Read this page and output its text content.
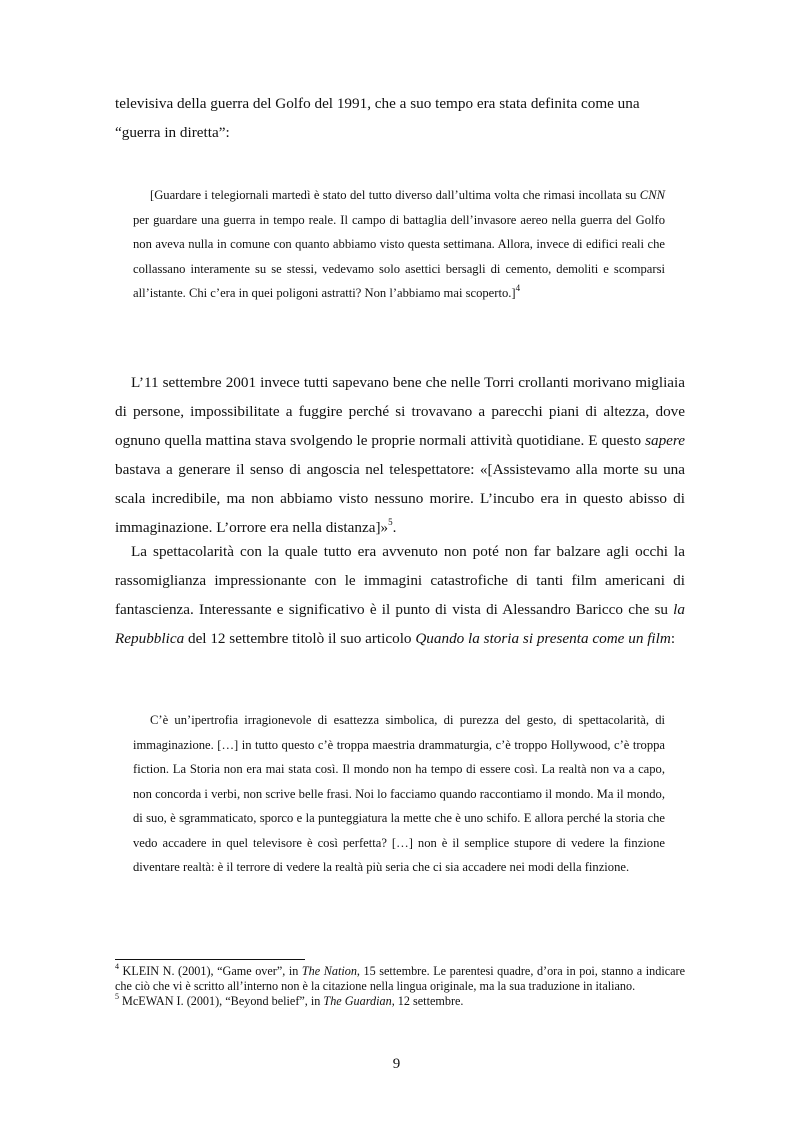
televisiva della guerra del Golfo del 1991, che a suo tempo era stata definita come una
“guerra in diretta”:

[Guardare i telegiornali martedì è stato del tutto diverso dall’ultima volta che rimasi incollata su CNN per guardare una guerra in tempo reale. Il campo di battaglia dell’invasore aereo nella guerra del Golfo non aveva nulla in comune con quanto abbiamo visto questa settimana. Allora, invece di edifici reali che collassano interamente su se stessi, vedevamo solo asettici bersagli di cemento, demoliti e scomparsi all’istante. Chi c’era in quei poligoni astratti? Non l’abbiamo mai scoperto.]$^4$

L’11 settembre 2001 invece tutti sapevano bene che nelle Torri crollanti morivano migliaia di persone, impossibilitate a fuggire perché si trovavano a parecchi piani di altezza, dove ognuno quella mattina stava svolgendo le proprie normali attività quotidiane. E questo sapere bastava a generare il senso di angoscia nel telespettatore: «[Assistevamo alla morte su una scala incredibile, ma non abbiamo visto nessuno morire. L’incubo era in questo abisso di immaginazione. L’orrore era nella distanza]»$^5$.

La spettacolarità con la quale tutto era avvenuto non poté non far balzare agli occhi la rassomiglianza impressionante con le immagini catastrofiche di tanti film americani di fantascienza. Interessante e significativo è il punto di vista di Alessandro Baricco che su la Repubblica del 12 settembre titolò il suo articolo Quando la storia si presenta come un film:

C’è un’ipertrofia irragionevole di esattezza simbolica, di purezza del gesto, di spettacolarità, di immaginazione. […] in tutto questo c’è troppa maestria drammaturgia, c’è troppo Hollywood, c’è troppa fiction. La Storia non era mai stata così. Il mondo non ha tempo di essere così. La realtà non va a capo, non concorda i verbi, non scrive belle frasi. Noi lo facciamo quando raccontiamo il mondo. Ma il mondo, di suo, è sgrammaticato, sporco e la punteggiatura la mette che è uno schifo. E allora perché la storia che vedo accadere in quel televisore è così perfetta? […] non è il semplice stupore di vedere la finzione diventare realtà: è il terrore di vedere la realtà più seria che ci sia accadere nei modi della finzione.

$^4$ KLEIN N. (2001), “Game over”, in The Nation, 15 settembre. Le parentesi quadre, d’ora in poi, stanno a indicare che ciò che vi è scritto all’interno non è la citazione nella lingua originale, ma la sua traduzione in italiano.

$^5$ McEWAN I. (2001), “Beyond belief”, in The Guardian, 12 settembre.

9
